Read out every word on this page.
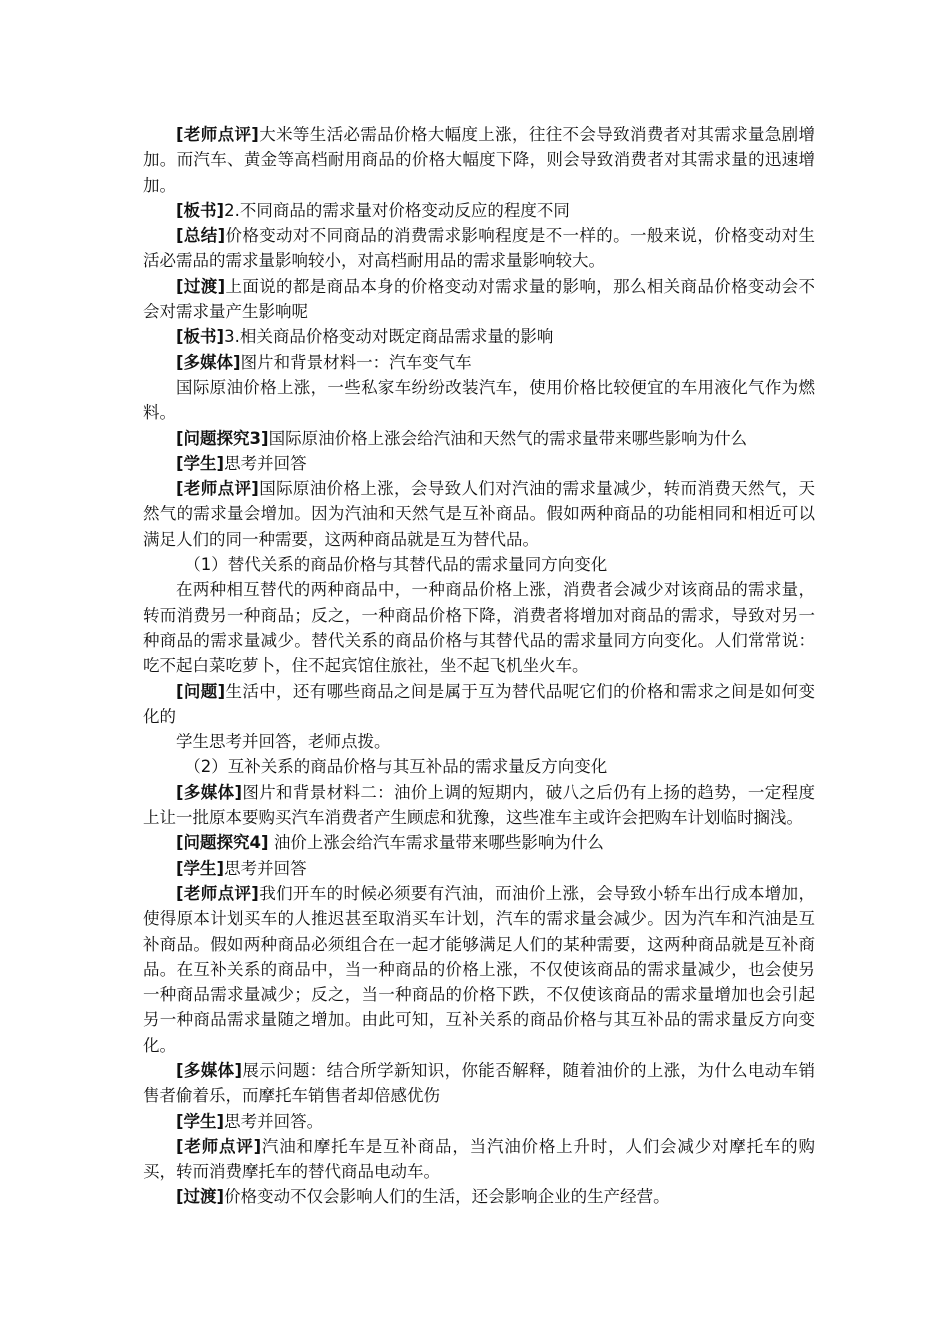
[老师点评]大米等生活必需品价格大幅度上涨，往往不会导致消费者对其需求量急剧增加。而汽车、黄金等高档耐用商品的价格大幅度下降，则会导致消费者对其需求量的迅速增加。

[板书]2.不同商品的需求量对价格变动反应的程度不同

[总结]价格变动对不同商品的消费需求影响程度是不一样的。一般来说，价格变动对生活必需品的需求量影响较小，对高档耐用品的需求量影响较大。

[过渡]上面说的都是商品本身的价格变动对需求量的影响，那么相关商品价格变动会不会对需求量产生影响呢

[板书]3.相关商品价格变动对既定商品需求量的影响

[多媒体]图片和背景材料一：汽车变气车

国际原油价格上涨，一些私家车纷纷改装汽车，使用价格比较便宜的车用液化气作为燃料。

[问题探究3]国际原油价格上涨会给汽油和天然气的需求量带来哪些影响为什么

[学生]思考并回答

[老师点评]国际原油价格上涨，会导致人们对汽油的需求量减少，转而消费天然气，天然气的需求量会增加。因为汽油和天然气是互补商品。假如两种商品的功能相同和相近可以满足人们的同一种需要，这两种商品就是互为替代品。

（1）替代关系的商品价格与其替代品的需求量同方向变化

在两种相互替代的两种商品中，一种商品价格上涨，消费者会减少对该商品的需求量，转而消费另一种商品；反之，一种商品价格下降，消费者将增加对商品的需求，导致对另一种商品的需求量减少。替代关系的商品价格与其替代品的需求量同方向变化。人们常常说：吃不起白菜吃萝卜，住不起宾馆住旅社，坐不起飞机坐火车。

[问题]生活中，还有哪些商品之间是属于互为替代品呢它们的价格和需求之间是如何变化的

学生思考并回答，老师点拨。

（2）互补关系的商品价格与其互补品的需求量反方向变化

[多媒体]图片和背景材料二：油价上调的短期内，破八之后仍有上扬的趋势，一定程度上让一批原本要购买汽车消费者产生顾虑和犹豫，这些准车主或许会把购车计划临时搁浅。

[问题探究4] 油价上涨会给汽车需求量带来哪些影响为什么

[学生]思考并回答

[老师点评]我们开车的时候必须要有汽油，而油价上涨，会导致小轿车出行成本增加，使得原本计划买车的人推迟甚至取消买车计划，汽车的需求量会减少。因为汽车和汽油是互补商品。假如两种商品必须组合在一起才能够满足人们的某种需要，这两种商品就是互补商品。在互补关系的商品中，当一种商品的价格上涨，不仅使该商品的需求量减少，也会使另一种商品需求量减少；反之，当一种商品的价格下跌，不仅使该商品的需求量增加也会引起另一种商品需求量随之增加。由此可知，互补关系的商品价格与其互补品的需求量反方向变化。

[多媒体]展示问题：结合所学新知识，你能否解释，随着油价的上涨，为什么电动车销售者偷着乐，而摩托车销售者却倍感优伤

[学生]思考并回答。

[老师点评]汽油和摩托车是互补商品，当汽油价格上升时，人们会减少对摩托车的购买，转而消费摩托车的替代商品电动车。

[过渡]价格变动不仅会影响人们的生活，还会影响企业的生产经营。
